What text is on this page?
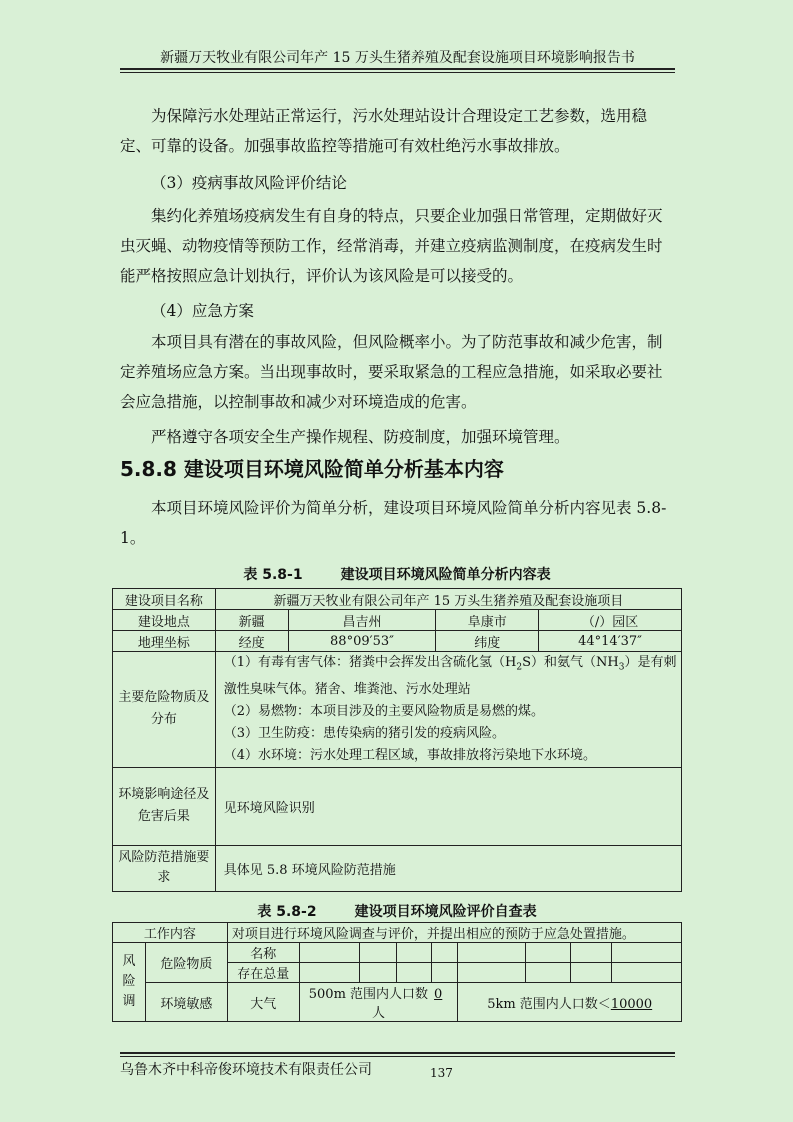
新疆万天牧业有限公司年产 15 万头生猪养殖及配套设施项目环境影响报告书
为保障污水处理站正常运行，污水处理站设计合理设定工艺参数，选用稳定、可靠的设备。加强事故监控等措施可有效杜绝污水事故排放。
（3）疫病事故风险评价结论
集约化养殖场疫病发生有自身的特点，只要企业加强日常管理，定期做好灭虫灭蝇、动物疫情等预防工作，经常消毒，并建立疫病监测制度，在疫病发生时能严格按照应急计划执行，评价认为该风险是可以接受的。
（4）应急方案
本项目具有潜在的事故风险，但风险概率小。为了防范事故和减少危害，制定养殖场应急方案。当出现事故时，要采取紧急的工程应急措施，如采取必要社会应急措施，以控制事故和减少对环境造成的危害。
严格遵守各项安全生产操作规程、防疫制度，加强环境管理。
5.8.8 建设项目环境风险简单分析基本内容
本项目环境风险评价为简单分析，建设项目环境风险简单分析内容见表 5.8-1。
表 5.8-1	建设项目环境风险简单分析内容表
建设项目名称	新疆万天牧业有限公司年产 15 万头生猪养殖及配套设施项目			
建设地点	新疆	昌吉州	阜康市	（/）园区
地理坐标	经度	88°09′53″	纬度	44°14′37″
主要危险物质及分布	（1）有毒有害气体：猪粪中会挥发出含硫化氢$(H_2S)$和氨气$(NH_3)$是有刺激性臭味气体。猪舍、堆粪池、污水处理站
（2）易燃物：本项目涉及的主要风险物质是易燃的煤。
（3）卫生防疫：患传染病的猪引发的疫病风险。
（4）水环境：污水处理工程区域，事故排放将污染地下水环境。			

环境影响途径及危害后果	见环境风险识别			
风险防范措施要求	具体见 5.8 环境风险防范措施			
表 5.8-2	建设项目环境风险评价自查表
工作内容		对项目进行环境风险调查与评价，并提出相应的预防于应急处置措施。								
风险调	危险物质	名称								
		存在总量								
	环境敏感	大气	500m 范围内人口数 0人				5km 范围内人口数＜10000			
乌鲁木齐中科帝俊环境技术有限责任公司	137
